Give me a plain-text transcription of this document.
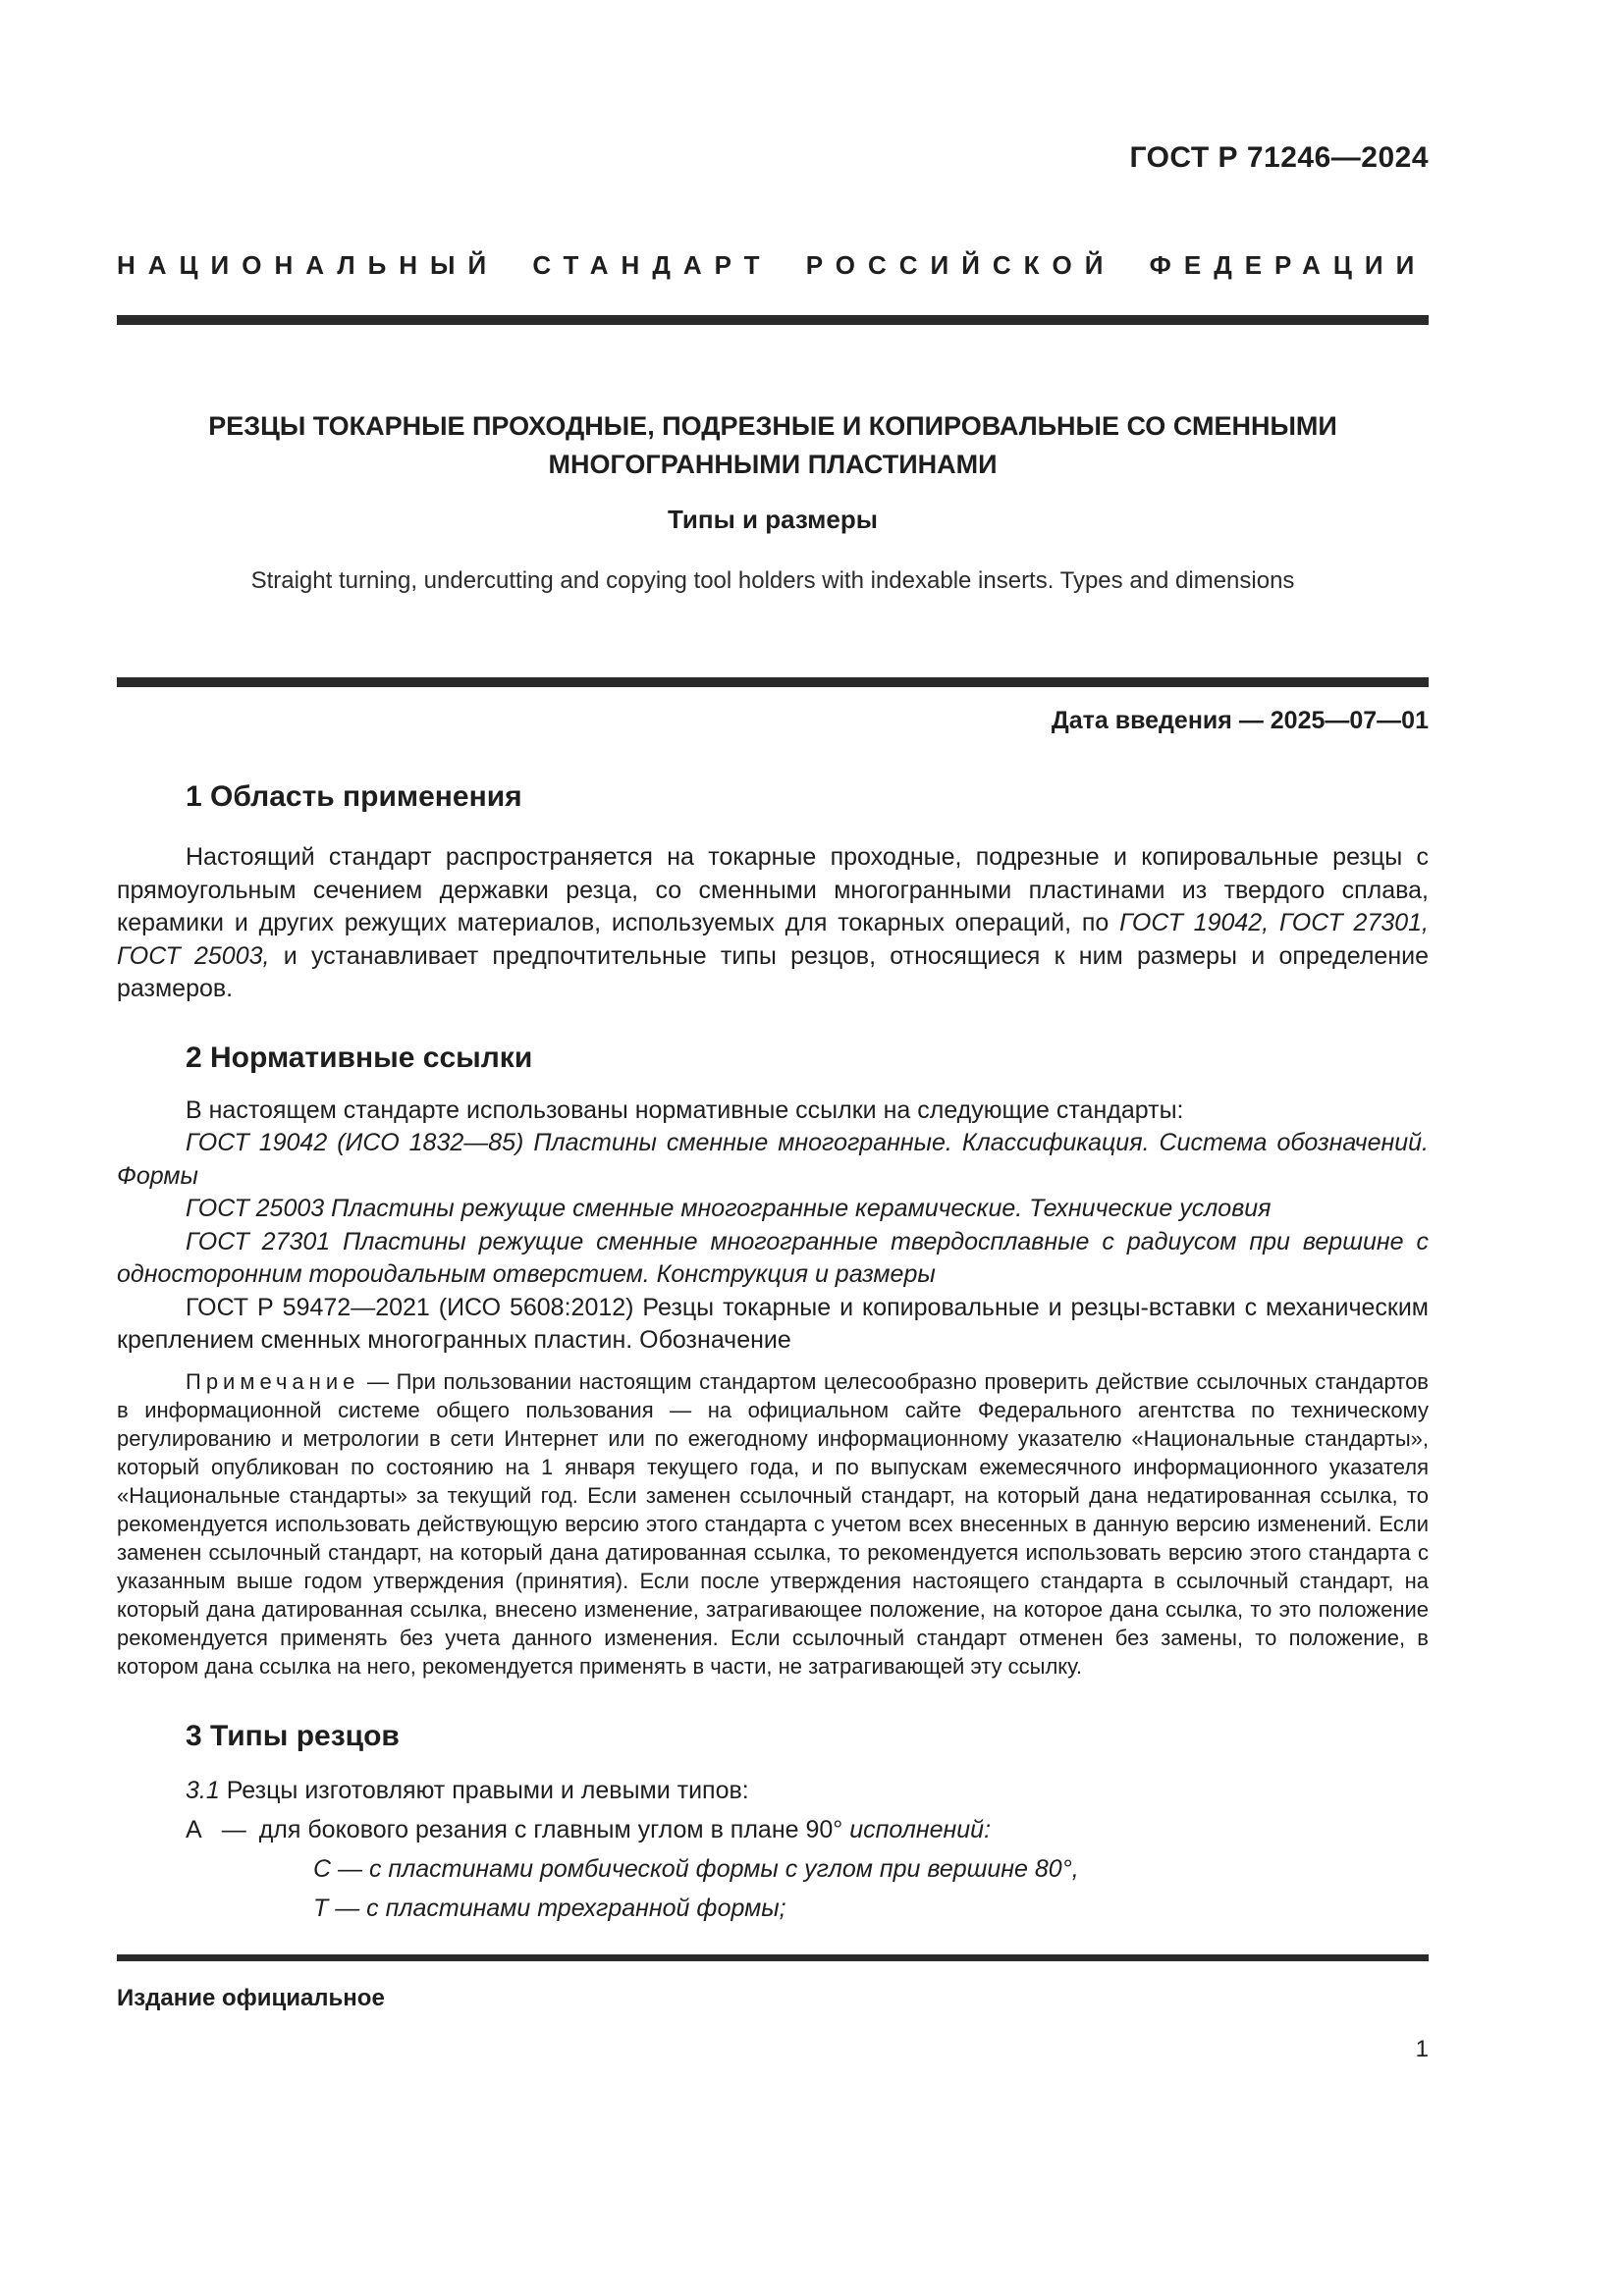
ГОСТ Р 71246—2024
НАЦИОНАЛЬНЫЙ СТАНДАРТ РОССИЙСКОЙ ФЕДЕРАЦИИ
РЕЗЦЫ ТОКАРНЫЕ ПРОХОДНЫЕ, ПОДРЕЗНЫЕ И КОПИРОВАЛЬНЫЕ СО СМЕННЫМИ
МНОГОГРАННЫМИ ПЛАСТИНАМИ
Типы и размеры
Straight turning, undercutting and copying tool holders with indexable inserts. Types and dimensions
Дата введения — 2025—07—01
1 Область применения

Настоящий стандарт распространяется на токарные проходные, подрезные и копировальные резцы с прямоугольным сечением державки резца, со сменными многогранными пластинами из твердого сплава, керамики и других режущих материалов, используемых для токарных операций, по ГОСТ 19042, ГОСТ 27301, ГОСТ 25003, и устанавливает предпочтительные типы резцов, относящиеся к ним размеры и определение размеров.

2 Нормативные ссылки

В настоящем стандарте использованы нормативные ссылки на следующие стандарты:

ГОСТ 19042 (ИСО 1832—85) Пластины сменные многогранные. Классификация. Система обозначений. Формы

ГОСТ 25003 Пластины режущие сменные многогранные керамические. Технические условия

ГОСТ 27301 Пластины режущие сменные многогранные твердосплавные с радиусом при вершине с односторонним тороидальным отверстием. Конструкция и размеры

ГОСТ Р 59472—2021 (ИСО 5608:2012) Резцы токарные и копировальные и резцы-вставки с механическим креплением сменных многогранных пластин. Обозначение

Примечание — При пользовании настоящим стандартом целесообразно проверить действие ссылочных стандартов в информационной системе общего пользования — на официальном сайте Федерального агентства по техническому регулированию и метрологии в сети Интернет или по ежегодному информационному указателю «Национальные стандарты», который опубликован по состоянию на 1 января текущего года, и по выпускам ежемесячного информационного указателя «Национальные стандарты» за текущий год. Если заменен ссылочный стандарт, на который дана недатированная ссылка, то рекомендуется использовать действующую версию этого стандарта с учетом всех внесенных в данную версию изменений. Если заменен ссылочный стандарт, на который дана датированная ссылка, то рекомендуется использовать версию этого стандарта с указанным выше годом утверждения (принятия). Если после утверждения настоящего стандарта в ссылочный стандарт, на который дана датированная ссылка, внесено изменение, затрагивающее положение, на которое дана ссылка, то это положение рекомендуется применять без учета данного изменения. Если ссылочный стандарт отменен без замены, то положение, в котором дана ссылка на него, рекомендуется применять в части, не затрагивающей эту ссылку.

3 Типы резцов

3.1 Резцы изготовляют правыми и левыми типов:

А — для бокового резания с главным углом в плане 90° исполнений:

С — с пластинами ромбической формы с углом при вершине 80°,

Т — с пластинами трехгранной формы;

Издание официальное
1
